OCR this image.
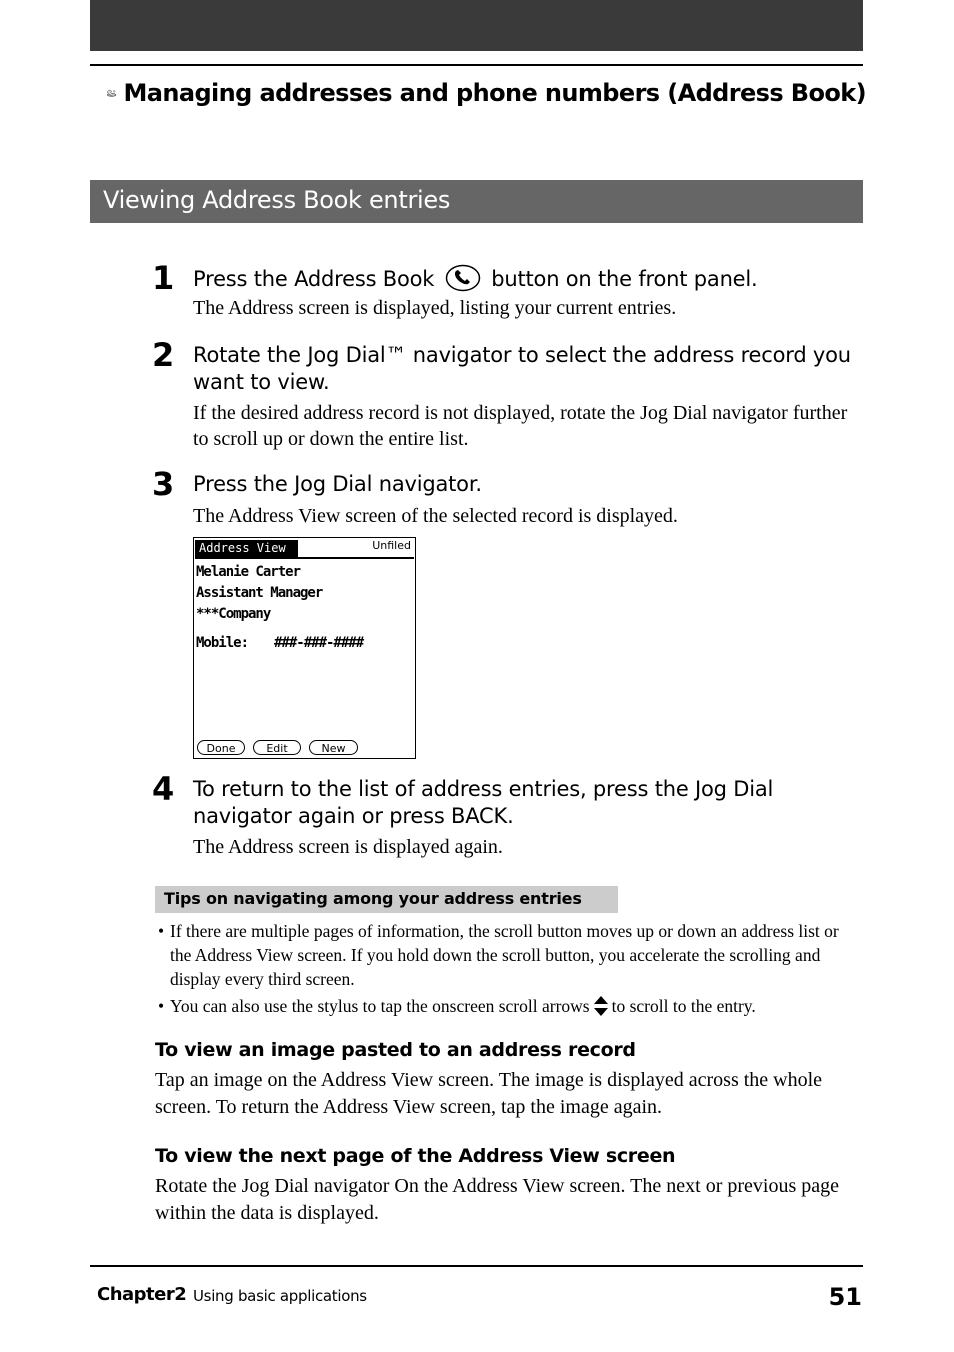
Managing addresses and phone numbers (Address Book)
Viewing Address Book entries
1 Press the Address Book	button on the front panel.
The Address screen is displayed, listing your current entries.
2 Rotate the Jog Dial™ navigator to select the address record you want to view.
If the desired address record is not displayed, rotate the Jog Dial navigator further to scroll up or down the entire list.
3 Press the Jog Dial navigator.
The Address View screen of the selected record is displayed.
Address View	Unfiled
Melanie Carter
Assistant Manager
***Company
Mobile: ###-###-####
Done	Edit	New
4 To return to the list of address entries, press the Jog Dial navigator again or press BACK.
The Address screen is displayed again.
Tips on navigating among your address entries
• If there are multiple pages of information, the scroll button moves up or down an address list or the Address View screen. If you hold down the scroll button, you accelerate the scrolling and display every third screen.
• You can also use the stylus to tap the onscreen scroll arrows to scroll to the entry.
To view an image pasted to an address record
Tap an image on the Address View screen. The image is displayed across the whole screen. To return the Address View screen, tap the image again.
To view the next page of the Address View screen
Rotate the Jog Dial navigator On the Address View screen. The next or previous page within the data is displayed.
Chapter2 Using basic applications	51
